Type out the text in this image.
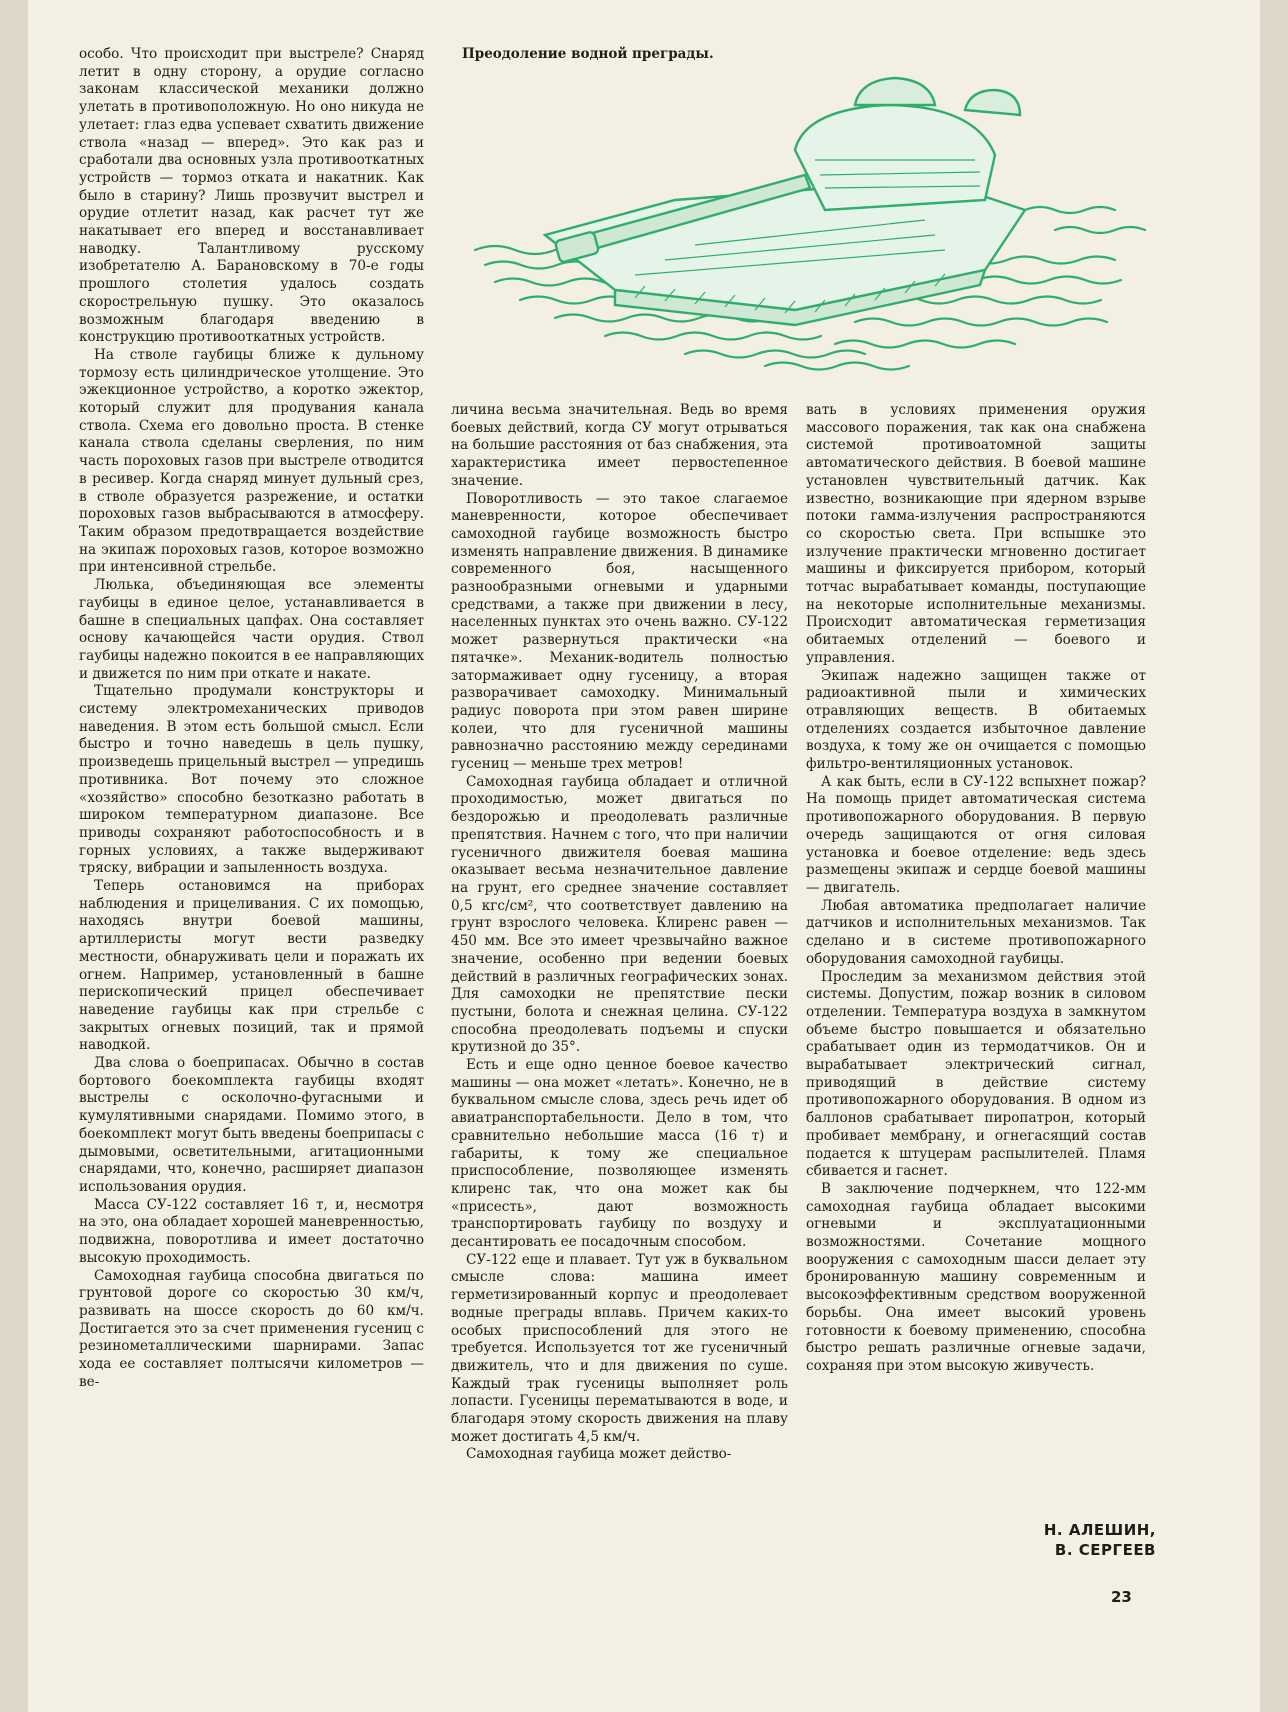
особо. Что происходит при выстреле? Снаряд летит в одну сторону, а орудие согласно законам классической механики должно улетать в противоположную. Но оно никуда не улетает: глаз едва успевает схватить движение ствола «назад — вперед». Это как раз и сработали два основных узла противооткатных устройств — тормоз отката и накатник. Как было в старину? Лишь прозвучит выстрел и орудие отлетит назад, как расчет тут же накатывает его вперед и восстанавливает наводку. Талантливому русскому изобретателю А. Барановскому в 70-е годы прошлого столетия удалось создать скорострельную пушку. Это оказалось возможным благодаря введению в конструкцию противооткатных устройств.

На стволе гаубицы ближе к дульному тормозу есть цилиндрическое утолщение. Это эжекционное устройство, а коротко эжектор, который служит для продувания канала ствола. Схема его довольно проста. В стенке канала ствола сделаны сверления, по ним часть пороховых газов при выстреле отводится в ресивер. Когда снаряд минует дульный срез, в стволе образуется разрежение, и остатки пороховых газов выбрасываются в атмосферу. Таким образом предотвращается воздействие на экипаж пороховых газов, которое возможно при интенсивной стрельбе.

Люлька, объединяющая все элементы гаубицы в единое целое, устанавливается в башне в специальных цапфах. Она составляет основу качающейся части орудия. Ствол гаубицы надежно покоится в ее направляющих и движется по ним при откате и накате.

Тщательно продумали конструкторы и систему электромеханических приводов наведения. В этом есть большой смысл. Если быстро и точно наведешь в цель пушку, произведешь прицельный выстрел — упредишь противника. Вот почему это сложное «хозяйство» способно безотказно работать в широком температурном диапазоне. Все приводы сохраняют работоспособность и в горных условиях, а также выдерживают тряску, вибрации и запыленность воздуха.

Теперь остановимся на приборах наблюдения и прицеливания. С их помощью, находясь внутри боевой машины, артиллеристы могут вести разведку местности, обнаруживать цели и поражать их огнем. Например, установленный в башне перископический прицел обеспечивает наведение гаубицы как при стрельбе с закрытых огневых позиций, так и прямой наводкой.

Два слова о боеприпасах. Обычно в состав бортового боекомплекта гаубицы входят выстрелы с осколочно-фугасными и кумулятивными снарядами. Помимо этого, в боекомплект могут быть введены боеприпасы с дымовыми, осветительными, агитационными снарядами, что, конечно, расширяет диапазон использования орудия.

Масса СУ-122 составляет 16 т, и, несмотря на это, она обладает хорошей маневренностью, подвижна, поворотлива и имеет достаточно высокую проходимость.

Самоходная гаубица способна двигаться по грунтовой дороге со скоростью 30 км/ч, развивать на шоссе скорость до 60 км/ч. Достигается это за счет применения гусениц с резинометаллическими шарнирами. Запас хода ее составляет полтысячи километров — ве-

Преодоление водной преграды.

личина весьма значительная. Ведь во время боевых действий, когда СУ могут отрываться на большие расстояния от баз снабжения, эта характеристика имеет первостепенное значение.

Поворотливость — это такое слагаемое маневренности, которое обеспечивает самоходной гаубице возможность быстро изменять направление движения. В динамике современного боя, насыщенного разнообразными огневыми и ударными средствами, а также при движении в лесу, населенных пунктах это очень важно. СУ-122 может развернуться практически «на пятачке». Механик-водитель полностью затормаживает одну гусеницу, а вторая разворачивает самоходку. Минимальный радиус поворота при этом равен ширине колеи, что для гусеничной машины равнозначно расстоянию между серединами гусениц — меньше трех метров!

Самоходная гаубица обладает и отличной проходимостью, может двигаться по бездорожью и преодолевать различные препятствия. Начнем с того, что при наличии гусеничного движителя боевая машина оказывает весьма незначительное давление на грунт, его среднее значение составляет 0,5 кгс/см², что соответствует давлению на грунт взрослого человека. Клиренс равен — 450 мм. Все это имеет чрезвычайно важное значение, особенно при ведении боевых действий в различных географических зонах. Для самоходки не препятствие пески пустыни, болота и снежная целина. СУ-122 способна преодолевать подъемы и спуски крутизной до 35°.

Есть и еще одно ценное боевое качество машины — она может «летать». Конечно, не в буквальном смысле слова, здесь речь идет об авиатранспортабельности. Дело в том, что сравнительно небольшие масса (16 т) и габариты, к тому же специальное приспособление, позволяющее изменять клиренс так, что она может как бы «присесть», дают возможность транспортировать гаубицу по воздуху и десантировать ее посадочным способом.

СУ-122 еще и плавает. Тут уж в буквальном смысле слова: машина имеет герметизированный корпус и преодолевает водные преграды вплавь. Причем каких-то особых приспособлений для этого не требуется. Используется тот же гусеничный движитель, что и для движения по суше. Каждый трак гусеницы выполняет роль лопасти. Гусеницы перематываются в воде, и благодаря этому скорость движения на плаву может достигать 4,5 км/ч.

Самоходная гаубица может действо-

вать в условиях применения оружия массового поражения, так как она снабжена системой противоатомной защиты автоматического действия. В боевой машине установлен чувствительный датчик. Как известно, возникающие при ядерном взрыве потоки гамма-излучения распространяются со скоростью света. При вспышке это излучение практически мгновенно достигает машины и фиксируется прибором, который тотчас вырабатывает команды, поступающие на некоторые исполнительные механизмы. Происходит автоматическая герметизация обитаемых отделений — боевого и управления.

Экипаж надежно защищен также от радиоактивной пыли и химических отравляющих веществ. В обитаемых отделениях создается избыточное давление воздуха, к тому же он очищается с помощью фильтро-вентиляционных установок.

А как быть, если в СУ-122 вспыхнет пожар? На помощь придет автоматическая система противопожарного оборудования. В первую очередь защищаются от огня силовая установка и боевое отделение: ведь здесь размещены экипаж и сердце боевой машины — двигатель.

Любая автоматика предполагает наличие датчиков и исполнительных механизмов. Так сделано и в системе противопожарного оборудования самоходной гаубицы.

Проследим за механизмом действия этой системы. Допустим, пожар возник в силовом отделении. Температура воздуха в замкнутом объеме быстро повышается и обязательно срабатывает один из термодатчиков. Он и вырабатывает электрический сигнал, приводящий в действие систему противопожарного оборудования. В одном из баллонов срабатывает пиропатрон, который пробивает мембрану, и огнегасящий состав подается к штуцерам распылителей. Пламя сбивается и гаснет.

В заключение подчеркнем, что 122-мм самоходная гаубица обладает высокими огневыми и эксплуатационными возможностями. Сочетание мощного вооружения с самоходным шасси делает эту бронированную машину современным и высокоэффективным средством вооруженной борьбы. Она имеет высокий уровень готовности к боевому применению, способна быстро решать различные огневые задачи, сохраняя при этом высокую живучесть.

Н. АЛЕШИН,
В. СЕРГЕЕВ
23
